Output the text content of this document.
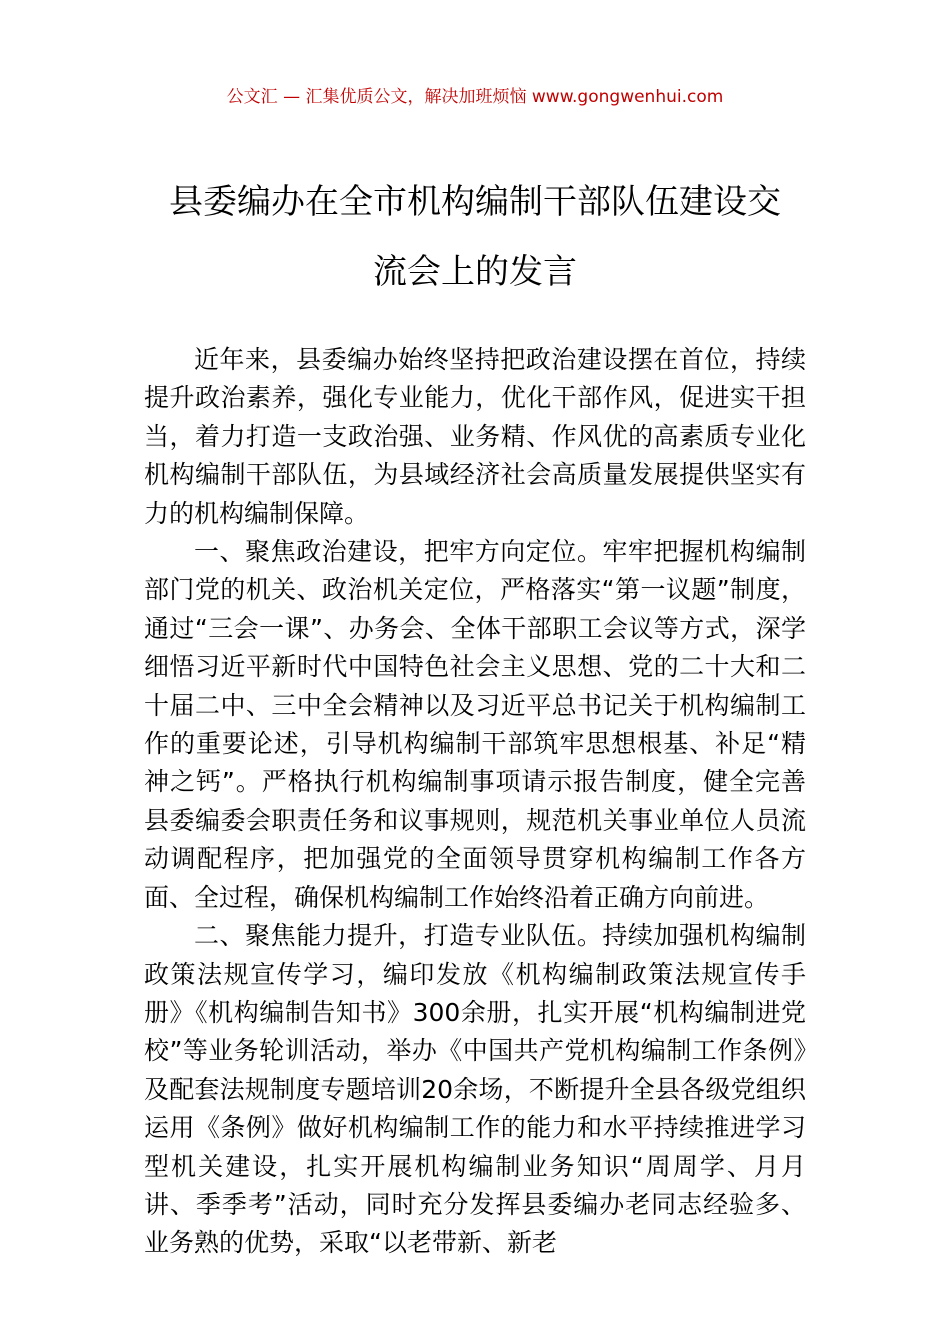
公文汇 — 汇集优质公文，解决加班烦恼 www.gongwenhui.com
县委编办在全市机构编制干部队伍建设交
流会上的发言

近年来，县委编办始终坚持把政治建设摆在首位，持续提升政治素养，强化专业能力，优化干部作风，促进实干担当，着力打造一支政治强、业务精、作风优的高素质专业化机构编制干部队伍，为县域经济社会高质量发展提供坚实有力的机构编制保障。

一、聚焦政治建设，把牢方向定位。牢牢把握机构编制部门党的机关、政治机关定位，严格落实“第一议题”制度，通过“三会一课”、办务会、全体干部职工会议等方式，深学细悟习近平新时代中国特色社会主义思想、党的二十大和二十届二中、三中全会精神以及习近平总书记关于机构编制工作的重要论述，引导机构编制干部筑牢思想根基、补足“精神之钙”。严格执行机构编制事项请示报告制度，健全完善县委编委会职责任务和议事规则，规范机关事业单位人员流动调配程序，把加强党的全面领导贯穿机构编制工作各方面、全过程，确保机构编制工作始终沿着正确方向前进。

二、聚焦能力提升，打造专业队伍。持续加强机构编制政策法规宣传学习，编印发放《机构编制政策法规宣传手册》《机构编制告知书》300余册，扎实开展“机构编制进党校”等业务轮训活动，举办《中国共产党机构编制工作条例》及配套法规制度专题培训20余场，不断提升全县各级党组织运用《条例》做好机构编制工作的能力和水平持续推进学习型机关建设，扎实开展机构编制业务知识“周周学、月月讲、季季考”活动，同时充分发挥县委编办老同志经验多、业务熟的优势，采取“以老带新、新老
